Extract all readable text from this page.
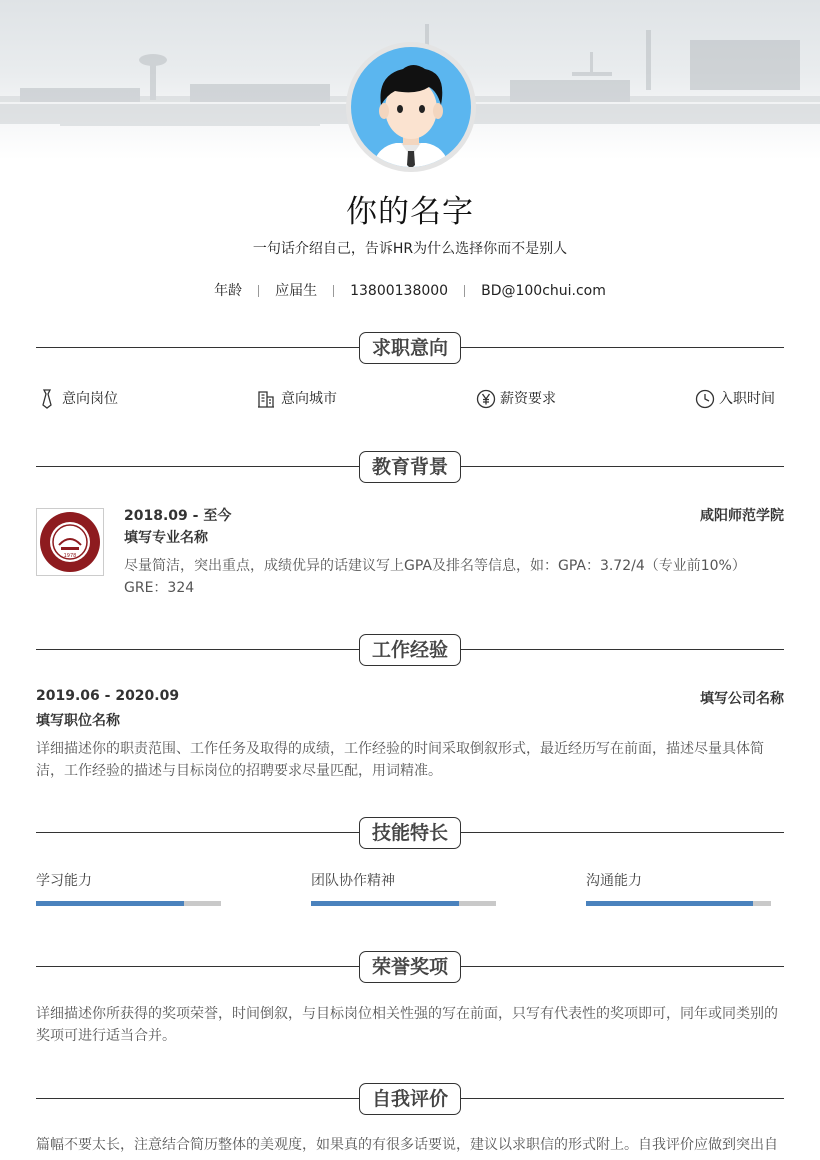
你的名字
一句话介绍自己，告诉HR为什么选择你而不是别人
年龄 应届生 13800138000 BD@100chui.com
求职意向
意向岗位	意向城市	薪资要求	入职时间
教育背景
1978
2018.09 - 至今	咸阳师范学院
填写专业名称
尽量简洁，突出重点，成绩优异的话建议写上GPA及排名等信息，如：GPA：3.72/4（专业前10%） GRE：324
工作经验
2019.06 - 2020.09	填写公司名称
填写职位名称
详细描述你的职责范围、工作任务及取得的成绩，工作经验的时间采取倒叙形式，最近经历写在前面，描述尽量具体简洁，工作经验的描述与目标岗位的招聘要求尽量匹配，用词精准。
技能特长
学习能力	团队协作精神	沟通能力
荣誉奖项
详细描述你所获得的奖项荣誉，时间倒叙，与目标岗位相关性强的写在前面，只写有代表性的奖项即可，同年或同类别的奖项可进行适当合并。
自我评价
篇幅不要太长，注意结合简历整体的美观度，如果真的有很多话要说，建议以求职信的形式附上。自我评价应做到突出自
